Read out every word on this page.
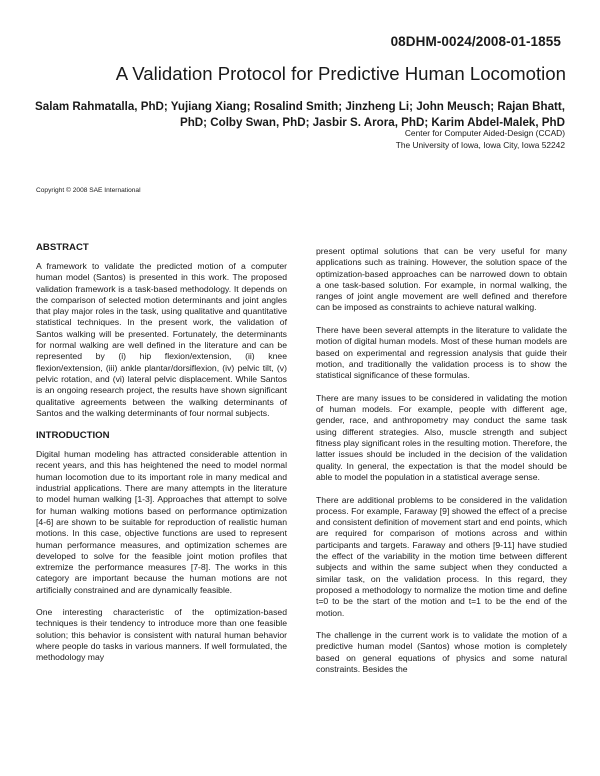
08DHM-0024/2008-01-1855
A Validation Protocol for Predictive Human Locomotion
Salam Rahmatalla, PhD; Yujiang Xiang; Rosalind Smith; Jinzheng Li; John Meusch; Rajan Bhatt, PhD; Colby Swan, PhD; Jasbir S. Arora, PhD; Karim Abdel-Malek, PhD
Center for Computer Aided-Design (CCAD)
The University of Iowa, Iowa City, Iowa 52242
Copyright © 2008 SAE International
ABSTRACT

A framework to validate the predicted motion of a computer human model (Santos) is presented in this work. The proposed validation framework is a task-based methodology. It depends on the comparison of selected motion determinants and joint angles that play major roles in the task, using qualitative and quantitative statistical techniques. In the present work, the validation of Santos walking will be presented. Fortunately, the determinants for normal walking are well defined in the literature and can be represented by (i) hip flexion/extension, (ii) knee flexion/extension, (iii) ankle plantar/dorsiflexion, (iv) pelvic tilt, (v) pelvic rotation, and (vi) lateral pelvic displacement. While Santos is an ongoing research project, the results have shown significant qualitative agreements between the walking determinants of Santos and the walking determinants of four normal subjects.

INTRODUCTION

Digital human modeling has attracted considerable attention in recent years, and this has heightened the need to model normal human locomotion due to its important role in many medical and industrial applications. There are many attempts in the literature to model human walking [1-3]. Approaches that attempt to solve for human walking motions based on performance optimization [4-6] are shown to be suitable for reproduction of realistic human motions. In this case, objective functions are used to represent human performance measures, and optimization schemes are developed to solve for the feasible joint motion profiles that extremize the performance measures [7-8]. The works in this category are important because the human motions are not artificially constrained and are dynamically feasible.

One interesting characteristic of the optimization-based techniques is their tendency to introduce more than one feasible solution; this behavior is consistent with natural human behavior where people do tasks in various manners. If well formulated, the methodology may

present optimal solutions that can be very useful for many applications such as training. However, the solution space of the optimization-based approaches can be narrowed down to obtain a one task-based solution. For example, in normal walking, the ranges of joint angle movement are well defined and therefore can be imposed as constraints to achieve natural walking.

There have been several attempts in the literature to validate the motion of digital human models. Most of these human models are based on experimental and regression analysis that guide their motion, and traditionally the validation process is to show the statistical significance of these formulas.

There are many issues to be considered in validating the motion of human models. For example, people with different age, gender, race, and anthropometry may conduct the same task using different strategies. Also, muscle strength and subject fitness play significant roles in the resulting motion. Therefore, the latter issues should be included in the decision of the validation quality. In general, the expectation is that the model should be able to model the population in a statistical average sense.

There are additional problems to be considered in the validation process. For example, Faraway [9] showed the effect of a precise and consistent definition of movement start and end points, which are required for comparison of motions across and within participants and targets. Faraway and others [9-11] have studied the effect of the variability in the motion time between different subjects and within the same subject when they conducted a similar task, on the validation process. In this regard, they proposed a methodology to normalize the motion time and define t=0 to be the start of the motion and t=1 to be the end of the motion.

The challenge in the current work is to validate the motion of a predictive human model (Santos) whose motion is completely based on general equations of physics and some natural constraints. Besides the
